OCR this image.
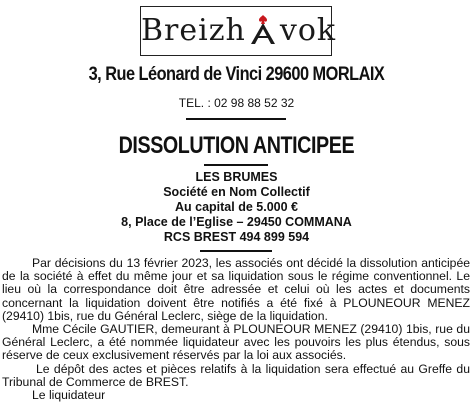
Breizh vok
3, Rue Léonard de Vinci 29600 MORLAIX
TEL. : 02 98 88 52 32
DISSOLUTION ANTICIPEE
LES BRUMES
Société en Nom Collectif
Au capital de 5.000 €
8, Place de l’Eglise – 29450 COMMANA
RCS BREST 494 899 594

Par décisions du 13 février 2023, les associés ont décidé la dissolution anticipée de la société à effet du même jour et sa liquidation sous le régime conventionnel. Le lieu où la correspondance doit être adressée et celui où les actes et documents concernant la liquidation doivent être notifiés a été fixé à PLOUNEOUR MENEZ (29410) 1bis, rue du Général Leclerc, siège de la liquidation.

Mme Cécile GAUTIER, demeurant à PLOUNEOUR MENEZ (29410) 1bis, rue du Général Leclerc, a été nommée liquidateur avec les pouvoirs les plus étendus, sous réserve de ceux exclusivement réservés par la loi aux associés.

Le dépôt des actes et pièces relatifs à la liquidation sera effectué au Greffe du Tribunal de Commerce de BREST.

Le liquidateur
